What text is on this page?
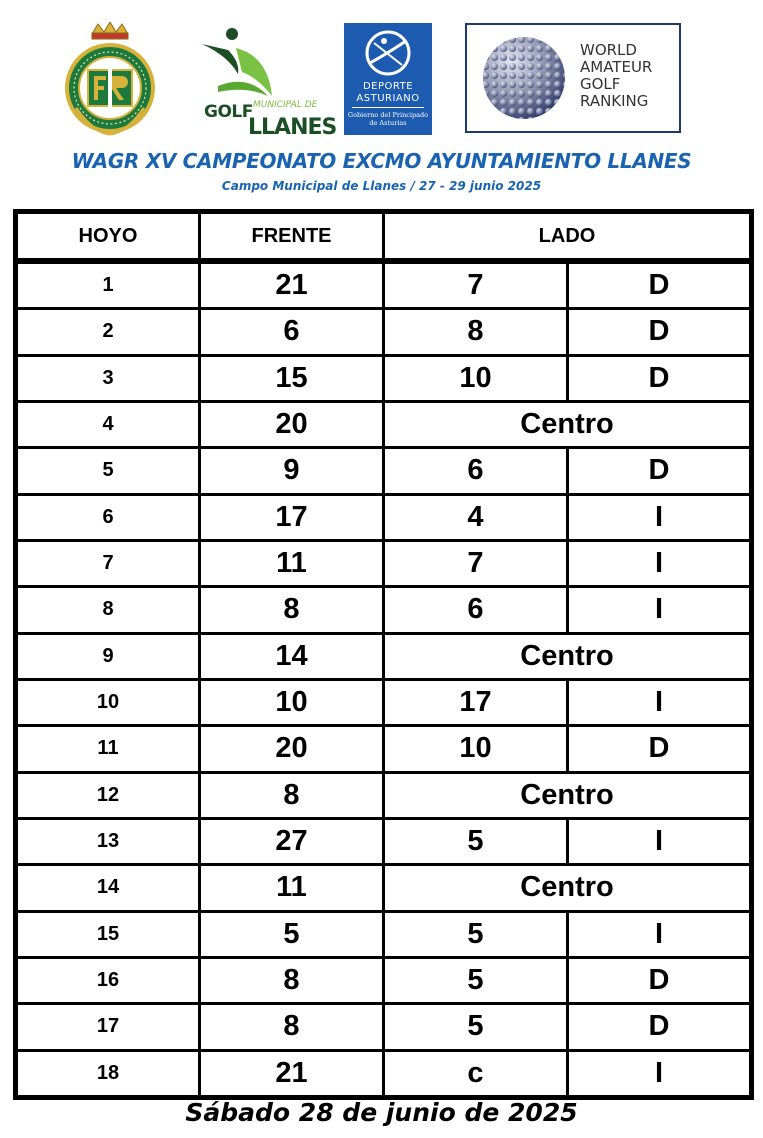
GOLF MUNICIPAL DE
LLANES
DEPORTE
ASTURIANO
Gobierno del Principado de Asturias
WORLD
AMATEUR
GOLF
RANKING
WAGR XV CAMPEONATO EXCMO AYUNTAMIENTO LLANES
Campo Municipal de Llanes / 27 - 29 junio 2025
HOYO	FRENTE	LADO	
1	21	7	D
2	6	8	D
3	15	10	D
4	20	Centro	
5	9	6	D
6	17	4	I
7	11	7	I
8	8	6	I
9	14	Centro	
10	10	17	I
11	20	10	D
12	8	Centro	
13	27	5	I
14	11	Centro	
15	5	5	I
16	8	5	D
17	8	5	D
18	21	c	I
Sábado 28 de junio de 2025
